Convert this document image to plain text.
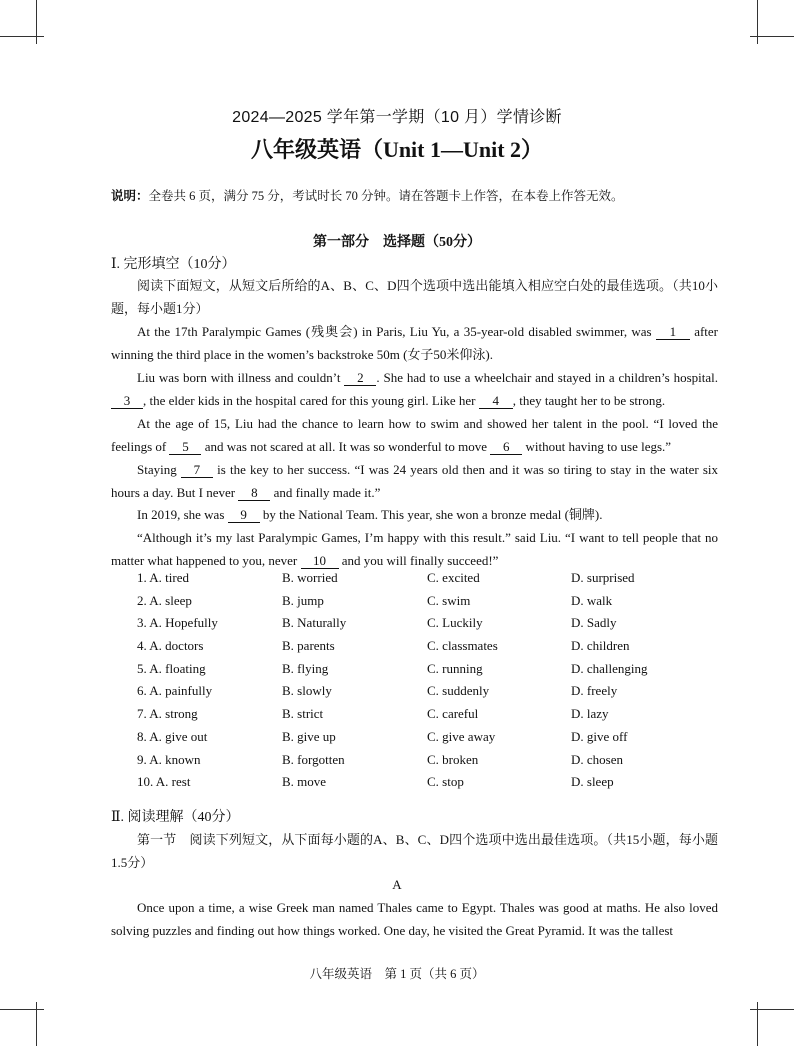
2024—2025 学年第一学期（10 月）学情诊断
八年级英语（Unit 1—Unit 2）
说明：全卷共 6 页，满分 75 分，考试时长 70 分钟。请在答题卡上作答，在本卷上作答无效。
第一部分　选择题（50分）
Ⅰ. 完形填空（10分）
阅读下面短文，从短文后所给的A、B、C、D四个选项中选出能填入相应空白处的最佳选项。（共10小题，每小题1分）
At the 17th Paralympic Games (残奥会) in Paris, Liu Yu, a 35-year-old disabled swimmer, was 1 after winning the third place in the women’s backstroke 50m (女子50米仰泳).
Liu was born with illness and couldn’t 2 . She had to use a wheelchair and stayed in a children’s hospital. 3 , the elder kids in the hospital cared for this young girl. Like her 4 , they taught her to be strong.
At the age of 15, Liu had the chance to learn how to swim and showed her talent in the pool. “I loved the feelings of 5 and was not scared at all. It was so wonderful to move 6 without having to use legs.”
Staying 7 is the key to her success. “I was 24 years old then and it was so tiring to stay in the water six hours a day. But I never 8 and finally made it.”
In 2019, she was 9 by the National Team. This year, she won a bronze medal (铜牌).
“Although it’s my last Paralympic Games, I’m happy with this result.” said Liu. “I want to tell people that no matter what happened to you, never 10 and you will finally succeed!”
1. A. tired	B. worried	C. excited	D. surprised
2. A. sleep	B. jump	C. swim	D. walk
3. A. Hopefully	B. Naturally	C. Luckily	D. Sadly
4. A. doctors	B. parents	C. classmates	D. children
5. A. floating	B. flying	C. running	D. challenging
6. A. painfully	B. slowly	C. suddenly	D. freely
7. A. strong	B. strict	C. careful	D. lazy
8. A. give out	B. give up	C. give away	D. give off
9. A. known	B. forgotten	C. broken	D. chosen
10. A. rest	B. move	C. stop	D. sleep
Ⅱ. 阅读理解（40分）
第一节　阅读下列短文，从下面每小题的A、B、C、D四个选项中选出最佳选项。（共15小题，每小题1.5分）
A
Once upon a time, a wise Greek man named Thales came to Egypt. Thales was good at maths. He also loved solving puzzles and finding out how things worked. One day, he visited the Great Pyramid. It was the tallest
八年级英语　第 1 页（共 6 页）
